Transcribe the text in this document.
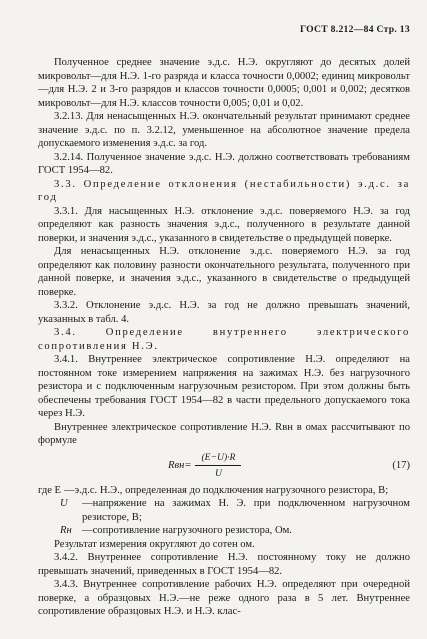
ГОСТ 8.212—84 Стр. 13

Полученное среднее значение э.д.с. Н.Э. округляют до десятых долей микровольт—для Н.Э. 1-го разряда и класса точности 0,0002; единиц микровольт—для Н.Э. 2 и 3-го разрядов и классов точности 0,0005; 0,001 и 0,002; десятков микровольт—для Н.Э. классов точности 0,005; 0,01 и 0,02.

3.2.13. Для ненасыщенных Н.Э. окончательный результат принимают среднее значение э.д.с. по п. 3.2.12, уменьшенное на абсолютное значение предела допускаемого изменения э.д.с. за год.

3.2.14. Полученное значение э.д.с. Н.Э. должно соответствовать требованиям ГОСТ 1954—82.

3.3. Определение отклонения (нестабильности) э.д.с. за год

3.3.1. Для насыщенных Н.Э. отклонение э.д.с. поверяемого Н.Э. за год определяют как разность значения э.д.с., полученного в результате данной поверки, и значения э.д.с., указанного в свидетельстве о предыдущей поверке.

Для ненасыщенных Н.Э. отклонение э.д.с. поверяемого Н.Э. за год определяют как половину разности окончательного результата, полученного при данной поверке, и значения э.д.с., указанного в свидетельстве о предыдущей поверке.

3.3.2. Отклонение э.д.с. Н.Э. за год не должно превышать значений, указанных в табл. 4.

3.4. Определение внутреннего электрического сопротивления Н.Э.

3.4.1. Внутреннее электрическое сопротивление Н.Э. определяют на постоянном токе измерением напряжения на зажимах Н.Э. без нагрузочного резистора и с подключенным нагрузочным резистором. При этом должны быть обеспечены требования ГОСТ 1954—82 в части предельного допускаемого тока через Н.Э.

Внутреннее электрическое сопротивление Н.Э. Rвн в омах рассчитывают по формуле

$Rвн= \frac{(E-U)\cdot R}{U}$	(17)
где E —э.д.с. Н.Э., определенная до подключения нагрузочного резистора, В;
U	—напряжение на зажимах Н. Э. при подключенном нагрузочном резисторе, В;
Rн —сопротивление нагрузочного резистора, Ом.

Результат измерения округляют до сотен ом.

3.4.2. Внутреннее сопротивление Н.Э. постоянному току не должно превышать значений, приведенных в ГОСТ 1954—82.

3.4.3. Внутреннее сопротивление рабочих Н.Э. определяют при очередной поверке, а образцовых Н.Э.—не реже одного раза в 5 лет. Внутреннее сопротивление образцовых Н.Э. и Н.Э. клас-
